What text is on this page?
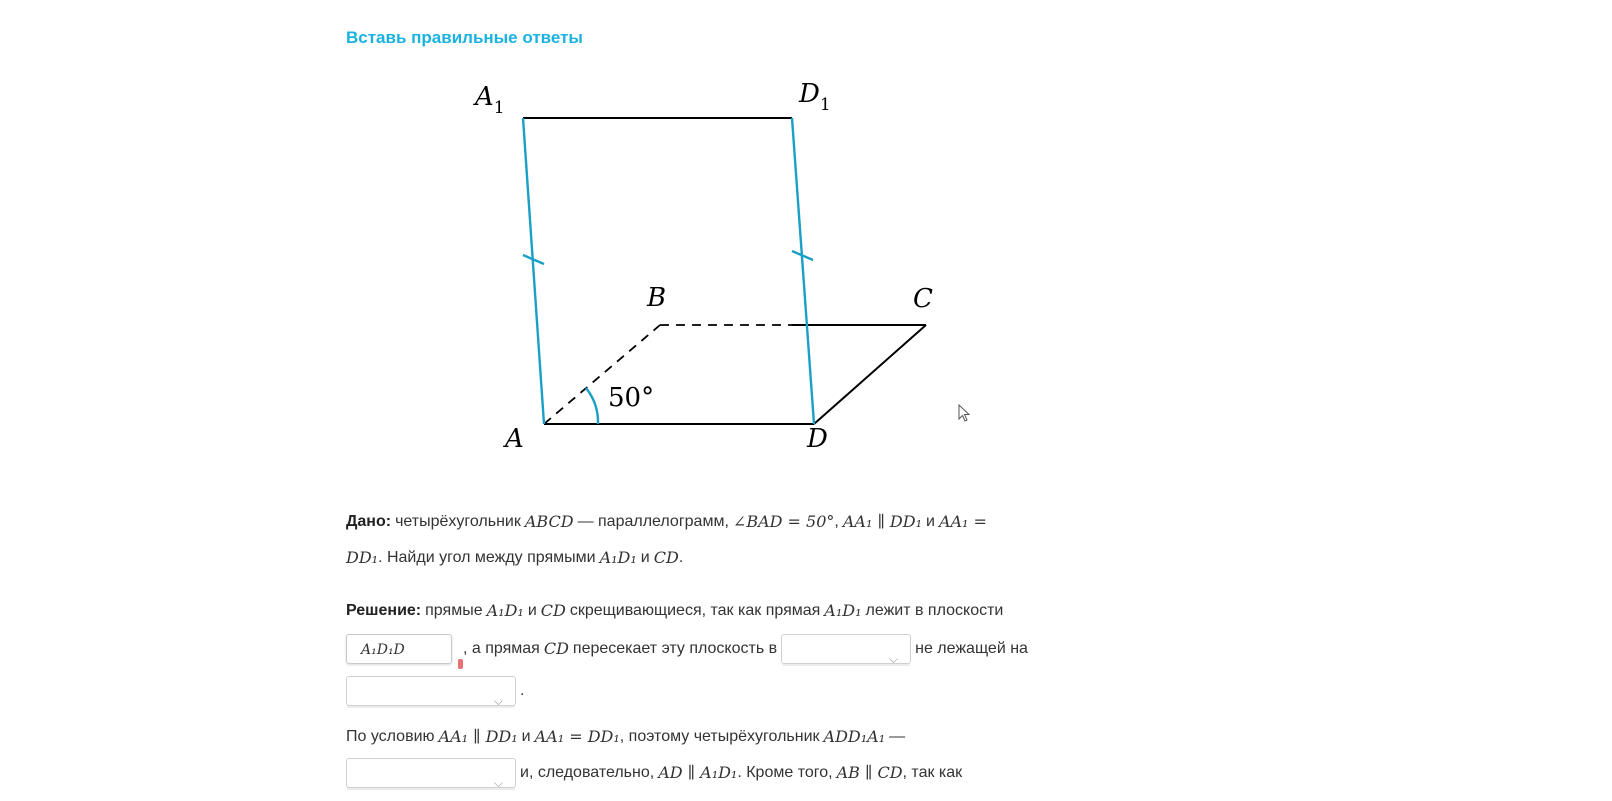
Вставь правильные ответы
$A_1$	$D_1$
B	C
A	D
50°
Дано: четырёхугольник ABCD — параллелограмм, ∠BAD = 50° , AA₁ ∥ DD₁ и AA₁ =
DD₁ . Найди угол между прямыми A₁D₁ и CD .
Решение: прямые A₁D₁ и CD скрещивающиеся, так как прямая A₁D₁ лежит в плоскости
A₁D₁D	, а прямая CD пересекает эту плоскость в
⌵
не лежащей на
⌵
.
По условию AA₁ ∥ DD₁ и AA₁ = DD₁ , поэтому четырёхугольник ADD₁A₁ —
⌵
и, следовательно, AD ∥ A₁D₁ . Кроме того, AB ∥ CD , так как
